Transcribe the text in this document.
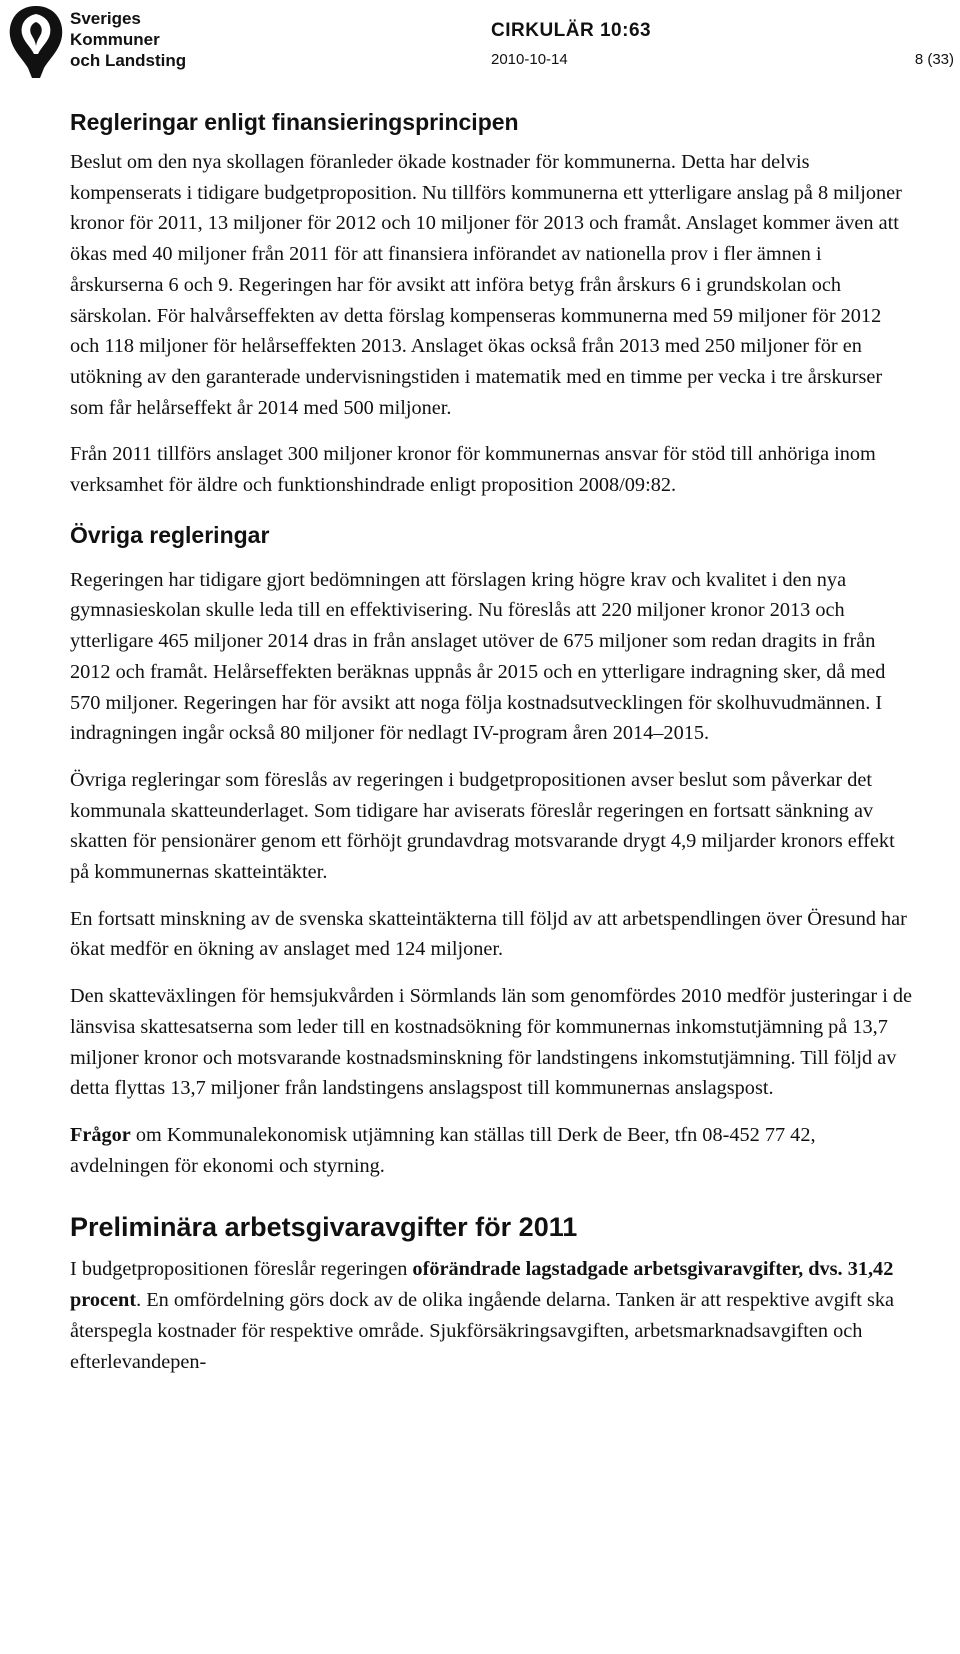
Sveriges
Kommuner
och Landsting
CIRKULÄR 10:63
2010-10-14	8 (33)
Regleringar enligt finansieringsprincipen

Beslut om den nya skollagen föranleder ökade kostnader för kommunerna. Detta har delvis kompenserats i tidigare budgetproposition. Nu tillförs kommunerna ett ytterligare anslag på 8 miljoner kronor för 2011, 13 miljoner för 2012 och 10 miljoner för 2013 och framåt. Anslaget kommer även att ökas med 40 miljoner från 2011 för att finansiera införandet av nationella prov i fler ämnen i årskurserna 6 och 9. Regeringen har för avsikt att införa betyg från årskurs 6 i grundskolan och särskolan. För halvårseffekten av detta förslag kompenseras kommunerna med 59 miljoner för 2012 och 118 miljoner för helårseffekten 2013. Anslaget ökas också från 2013 med 250 miljoner för en utökning av den garanterade undervisningstiden i matematik med en timme per vecka i tre årskurser som får helårseffekt år 2014 med 500 miljoner.

Från 2011 tillförs anslaget 300 miljoner kronor för kommunernas ansvar för stöd till anhöriga inom verksamhet för äldre och funktionshindrade enligt proposition 2008/09:82.

Övriga regleringar

Regeringen har tidigare gjort bedömningen att förslagen kring högre krav och kvalitet i den nya gymnasieskolan skulle leda till en effektivisering. Nu föreslås att 220 miljoner kronor 2013 och ytterligare 465 miljoner 2014 dras in från anslaget utöver de 675 miljoner som redan dragits in från 2012 och framåt. Helårseffekten beräknas uppnås år 2015 och en ytterligare indragning sker, då med 570 miljoner. Regeringen har för avsikt att noga följa kostnadsutvecklingen för skolhuvudmännen. I indragningen ingår också 80 miljoner för nedlagt IV-program åren 2014–2015.

Övriga regleringar som föreslås av regeringen i budgetpropositionen avser beslut som påverkar det kommunala skatteunderlaget. Som tidigare har aviserats föreslår regeringen en fortsatt sänkning av skatten för pensionärer genom ett förhöjt grundavdrag motsvarande drygt 4,9 miljarder kronors effekt på kommunernas skatteintäkter.

En fortsatt minskning av de svenska skatteintäkterna till följd av att arbetspendlingen över Öresund har ökat medför en ökning av anslaget med 124 miljoner.

Den skatteväxlingen för hemsjukvården i Sörmlands län som genomfördes 2010 medför justeringar i de länsvisa skattesatserna som leder till en kostnadsökning för kommunernas inkomstutjämning på 13,7 miljoner kronor och motsvarande kostnadsminskning för landstingens inkomstutjämning. Till följd av detta flyttas 13,7 miljoner från landstingens anslagspost till kommunernas anslagspost.

Frågor om Kommunalekonomisk utjämning kan ställas till Derk de Beer, tfn 08-452 77 42, avdelningen för ekonomi och styrning.

Preliminära arbetsgivaravgifter för 2011

I budgetpropositionen föreslår regeringen oförändrade lagstadgade arbetsgivaravgifter, dvs. 31,42 procent. En omfördelning görs dock av de olika ingående delarna. Tanken är att respektive avgift ska återspegla kostnader för respektive område. Sjukförsäkringsavgiften, arbetsmarknadsavgiften och efterlevandepen-
